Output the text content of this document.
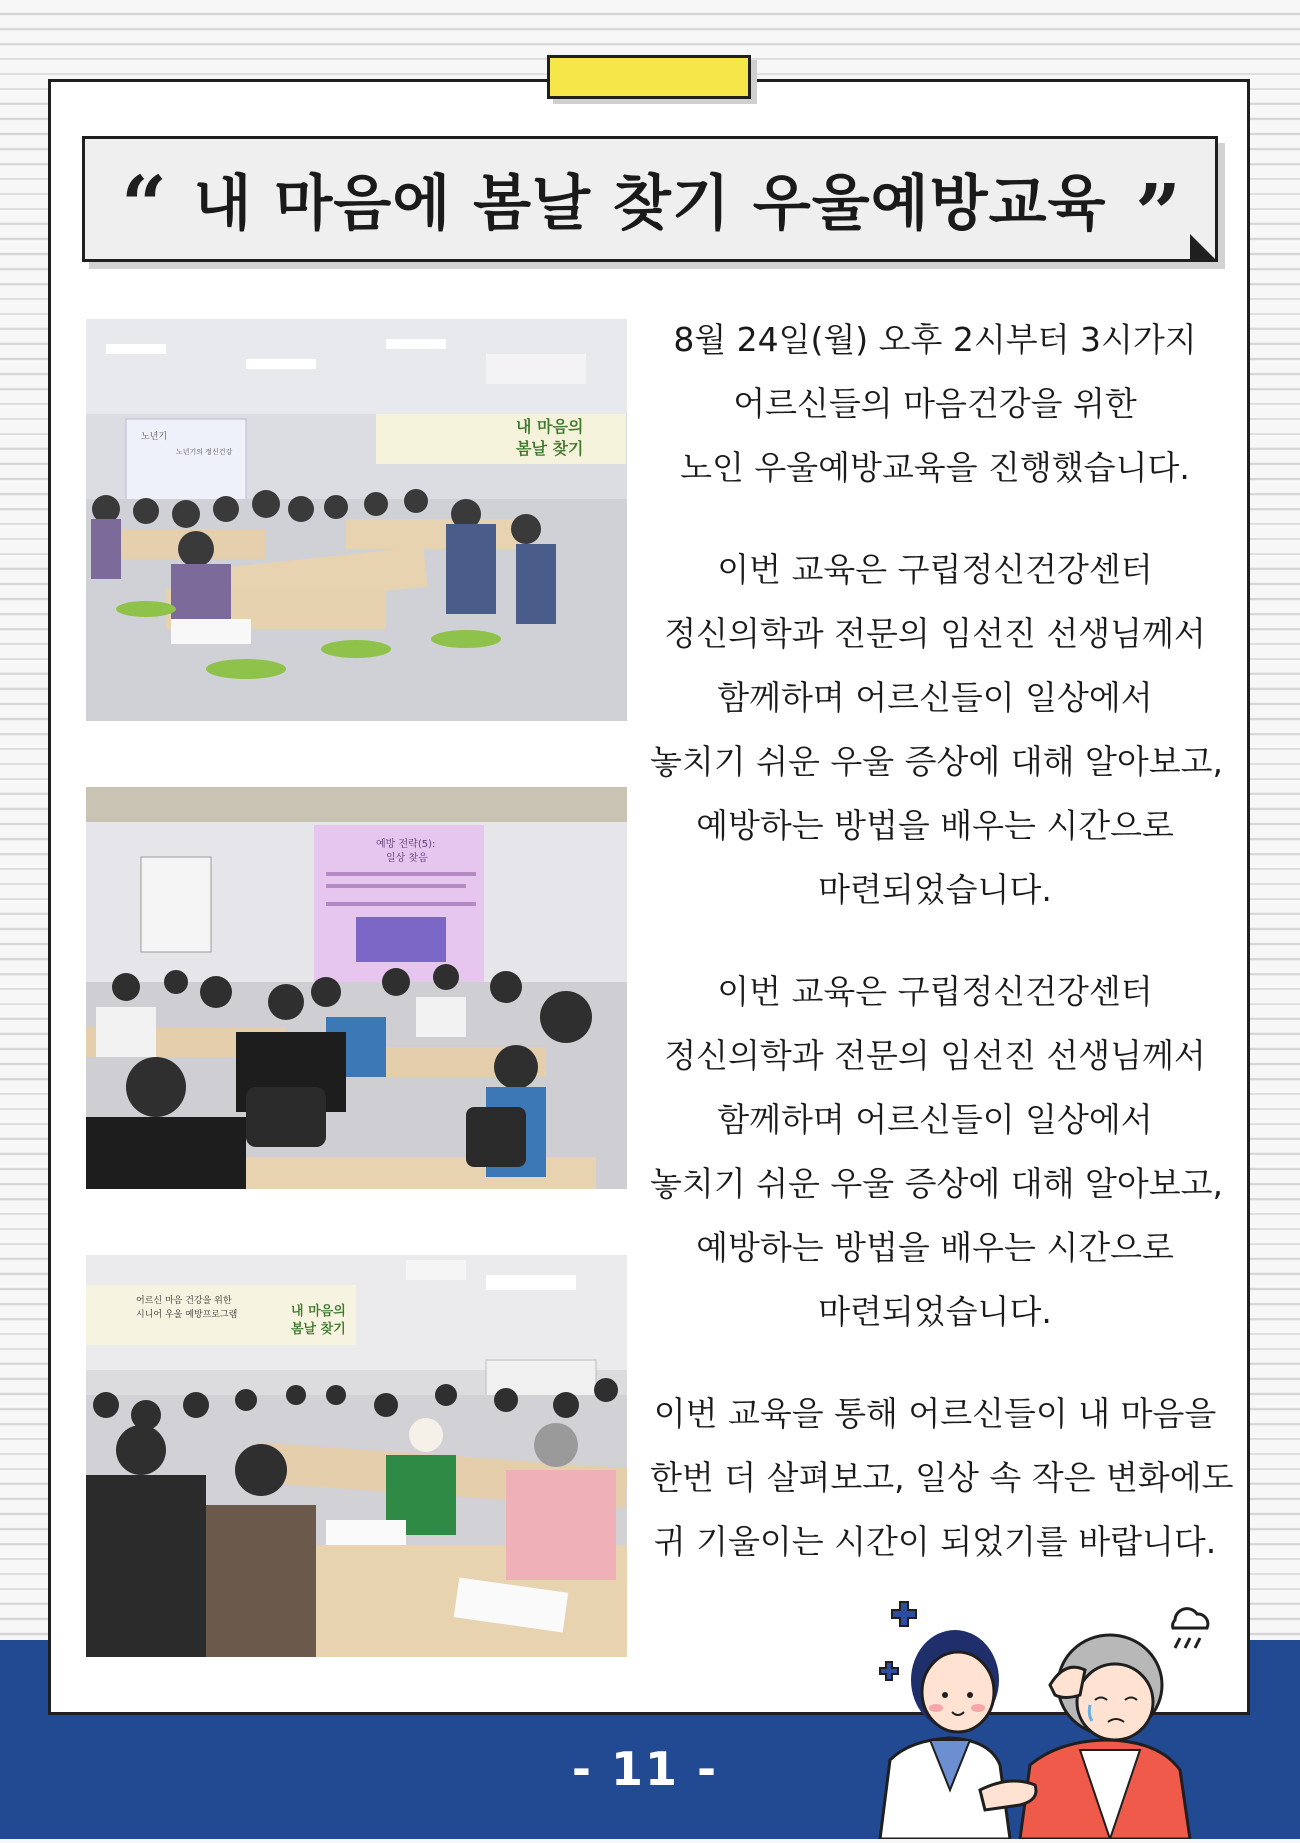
- 11 -
“ 내 마음에 봄날 찾기 우울예방교육 ”
노년기
노년기의 정신건강
내 마음의
봄날 찾기
예방 전략(5):
일상 찾음
어르신 마음 건강을 위한
시니어 우울 예방프로그램	내 마음의
봄날 찾기
8월 24일(월) 오후 2시부터 3시가지
어르신들의 마음건강을 위한
노인 우울예방교육을 진행했습니다.
이번 교육은 구립정신건강센터
정신의학과 전문의 임선진 선생님께서
함께하며 어르신들이 일상에서
놓치기 쉬운 우울 증상에 대해 알아보고,
예방하는 방법을 배우는 시간으로
마련되었습니다.
이번 교육은 구립정신건강센터
정신의학과 전문의 임선진 선생님께서
함께하며 어르신들이 일상에서
놓치기 쉬운 우울 증상에 대해 알아보고,
예방하는 방법을 배우는 시간으로
마련되었습니다.
이번 교육을 통해 어르신들이 내 마음을
한번 더 살펴보고, 일상 속 작은 변화에도
귀 기울이는 시간이 되었기를 바랍니다.
